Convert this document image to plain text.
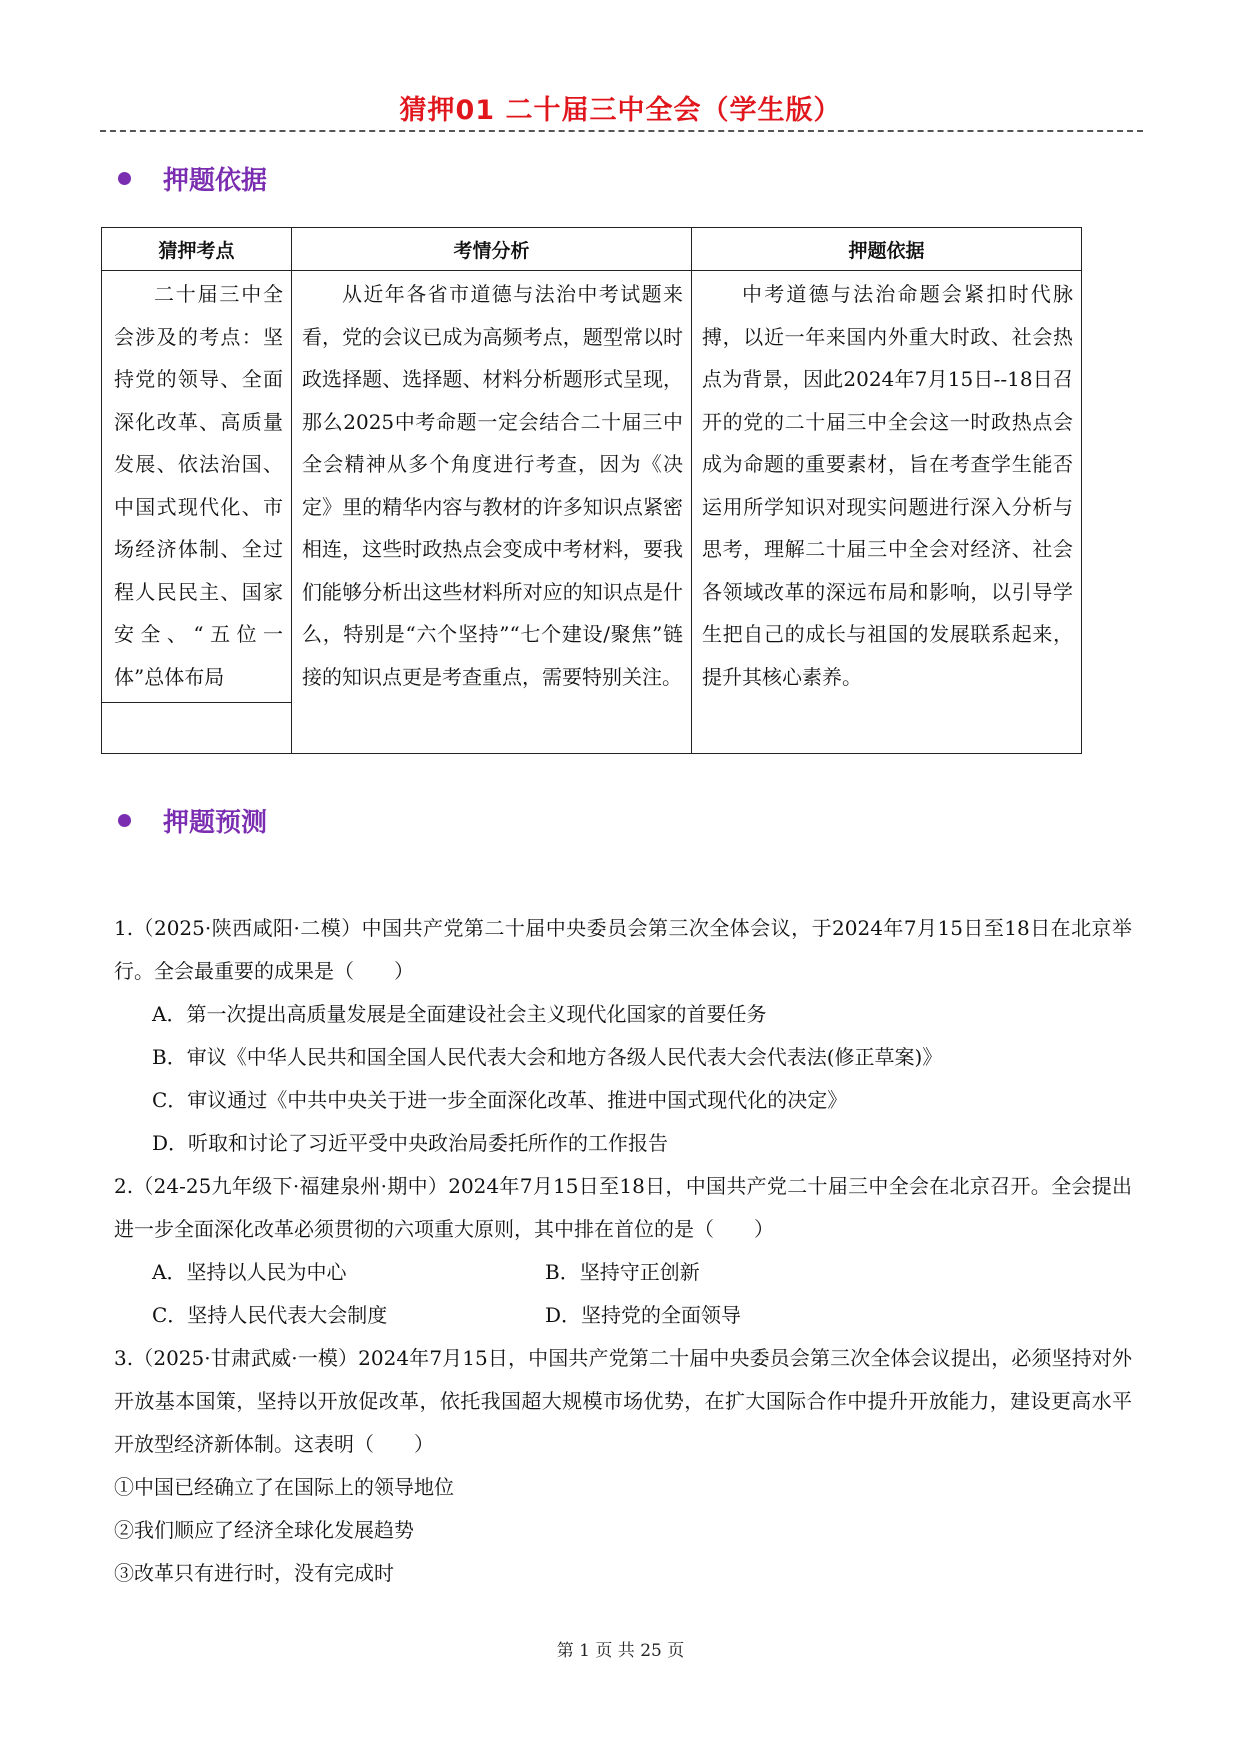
猜押01 二十届三中全会（学生版）
押题依据
猜押考点	考情分析	押题依据

二十届三中全会涉及的考点：坚持党的领导、全面深化改革、高质量发展、依法治国、中国式现代化、市场经济体制、全过程人民民主、国家安全、“五位一体”总体布局	从近年各省市道德与法治中考试题来看，党的会议已成为高频考点，题型常以时政选择题、选择题、材料分析题形式呈现，那么2025中考命题一定会结合二十届三中全会精神从多个角度进行考查，因为《决定》里的精华内容与教材的许多知识点紧密相连，这些时政热点会变成中考材料，要我们能够分析出这些材料所对应的知识点是什么，特别是“六个坚持”“七个建设/聚焦”链接的知识点更是考查重点，需要特别关注。	中考道德与法治命题会紧扣时代脉搏，以近一年来国内外重大时政、社会热点为背景，因此2024年7月15日--18日召开的党的二十届三中全会这一时政热点会成为命题的重要素材，旨在考查学生能否运用所学知识对现实问题进行深入分析与思考，理解二十届三中全会对经济、社会各领域改革的深远布局和影响，以引导学生把自己的成长与祖国的发展联系起来，提升其核心素养。
押题预测

1.（2025·陕西咸阳·二模）中国共产党第二十届中央委员会第三次全体会议，于2024年7月15日至18日在北京举行。全会最重要的成果是（　　）

A．第一次提出高质量发展是全面建设社会主义现代化国家的首要任务

B．审议《中华人民共和国全国人民代表大会和地方各级人民代表大会代表法(修正草案)》

C．审议通过《中共中央关于进一步全面深化改革、推进中国式现代化的决定》

D．听取和讨论了习近平受中央政治局委托所作的工作报告

2.（24-25九年级下·福建泉州·期中）2024年7月15日至18日，中国共产党二十届三中全会在北京召开。全会提出进一步全面深化改革必须贯彻的六项重大原则，其中排在首位的是（　　）

A．坚持以人民为中心	B．坚持守正创新
C．坚持人民代表大会制度	D．坚持党的全面领导

3.（2025·甘肃武威·一模）2024年7月15日，中国共产党第二十届中央委员会第三次全体会议提出，必须坚持对外开放基本国策，坚持以开放促改革，依托我国超大规模市场优势，在扩大国际合作中提升开放能力，建设更高水平开放型经济新体制。这表明（　　）

①中国已经确立了在国际上的领导地位

②我们顺应了经济全球化发展趋势

③改革只有进行时，没有完成时

第 1 页 共 25 页
